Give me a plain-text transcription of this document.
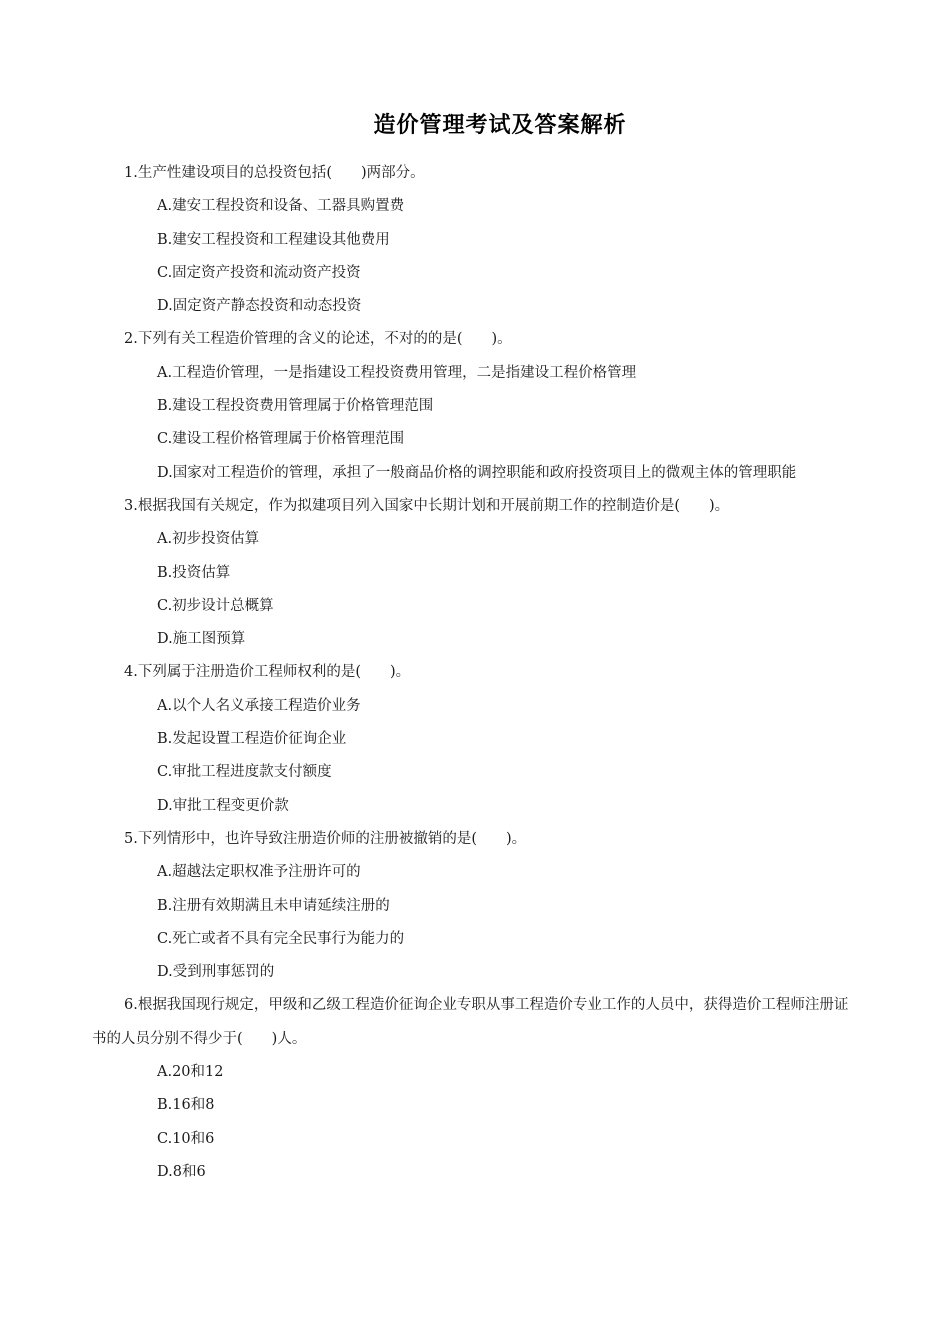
造价管理考试及答案解析

1.生产性建设项目的总投资包括(　　)两部分。

A.建安工程投资和设备、工器具购置费

B.建安工程投资和工程建设其他费用

C.固定资产投资和流动资产投资

D.固定资产静态投资和动态投资

2.下列有关工程造价管理的含义的论述，不对的的是(　　)。

A.工程造价管理，一是指建设工程投资费用管理，二是指建设工程价格管理

B.建设工程投资费用管理属于价格管理范围

C.建设工程价格管理属于价格管理范围

D.国家对工程造价的管理，承担了一般商品价格的调控职能和政府投资项目上的微观主体的管理职能

3.根据我国有关规定，作为拟建项目列入国家中长期计划和开展前期工作的控制造价是(　　)。

A.初步投资估算

B.投资估算

C.初步设计总概算

D.施工图预算

4.下列属于注册造价工程师权利的是(　　)。

A.以个人名义承接工程造价业务

B.发起设置工程造价征询企业

C.审批工程进度款支付额度

D.审批工程变更价款

5.下列情形中，也许导致注册造价师的注册被撤销的是(　　)。

A.超越法定职权准予注册许可的

B.注册有效期满且未申请延续注册的

C.死亡或者不具有完全民事行为能力的

D.受到刑事惩罚的

6.根据我国现行规定，甲级和乙级工程造价征询企业专职从事工程造价专业工作的人员中，获得造价工程师注册证书的人员分别不得少于(　　)人。

A.20和12

B.16和8

C.10和6

D.8和6
